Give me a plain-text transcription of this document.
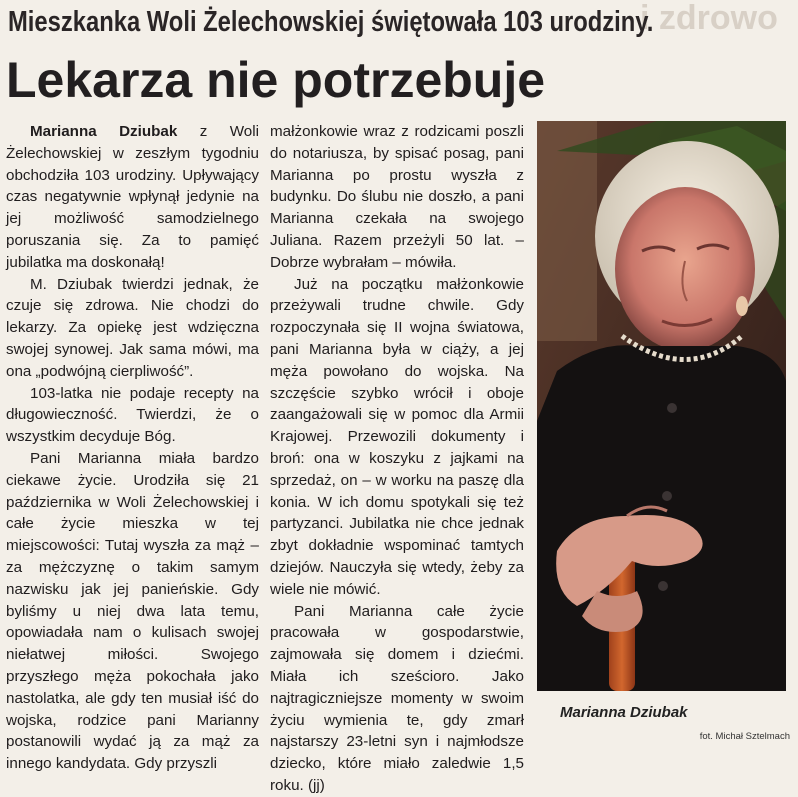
i zdrowo
Mieszkanka Woli Żelechowskiej świętowała 103 urodziny.
Lekarza nie potrzebuje

Marianna Dziubak z Woli Żelechowskiej w zeszłym tygodniu obchodziła 103 urodziny. Upływający czas negatywnie wpłynął jedynie na jej możliwość samodzielnego poruszania się. Za to pamięć jubilatka ma doskonałą!

M. Dziubak twierdzi jednak, że czuje się zdrowa. Nie chodzi do lekarzy. Za opiekę jest wdzięczna swojej synowej. Jak sama mówi, ma ona „podwójną cierpliwość”.

103-latka nie podaje recepty na długowieczność. Twierdzi, że o wszystkim decyduje Bóg.

Pani Marianna miała bardzo ciekawe życie. Urodziła się 21 października w Woli Żelechowskiej i całe życie mieszka w tej miejscowości: Tutaj wyszła za mąż – za mężczyznę o takim samym nazwisku jak jej panieńskie. Gdy byliśmy u niej dwa lata temu, opowiadała nam o kulisach swojej niełatwej miłości. Swojego przyszłego męża pokochała jako nastolatka, ale gdy ten musiał iść do wojska, rodzice pani Marianny postanowili wydać ją za mąż za innego kandydata. Gdy przyszli

małżonkowie wraz z rodzicami poszli do notariusza, by spisać posag, pani Marianna po prostu wyszła z budynku. Do ślubu nie doszło, a pani Marianna czekała na swojego Juliana. Razem przeżyli 50 lat. – Dobrze wybrałam – mówiła.

Już na początku małżonkowie przeżywali trudne chwile. Gdy rozpoczynała się II wojna światowa, pani Marianna była w ciąży, a jej męża powołano do wojska. Na szczęście szybko wrócił i oboje zaangażowali się w pomoc dla Armii Krajowej. Przewozili dokumenty i broń: ona w koszyku z jajkami na sprzedaż, on – w worku na paszę dla konia. W ich domu spotykali się też partyzanci. Jubilatka nie chce jednak zbyt dokładnie wspominać tamtych dziejów. Nauczyła się wtedy, żeby za wiele nie mówić.

Pani Marianna całe życie pracowała w gospodarstwie, zajmowała się domem i dziećmi. Miała ich sześcioro. Jako najtragiczniejsze momenty w swoim życiu wymienia te, gdy zmarł najstarszy 23-letni syn i najmłodsze dziecko, które miało zaledwie 1,5 roku. (jj)

Marianna Dziubak
fot. Michał Sztelmach
